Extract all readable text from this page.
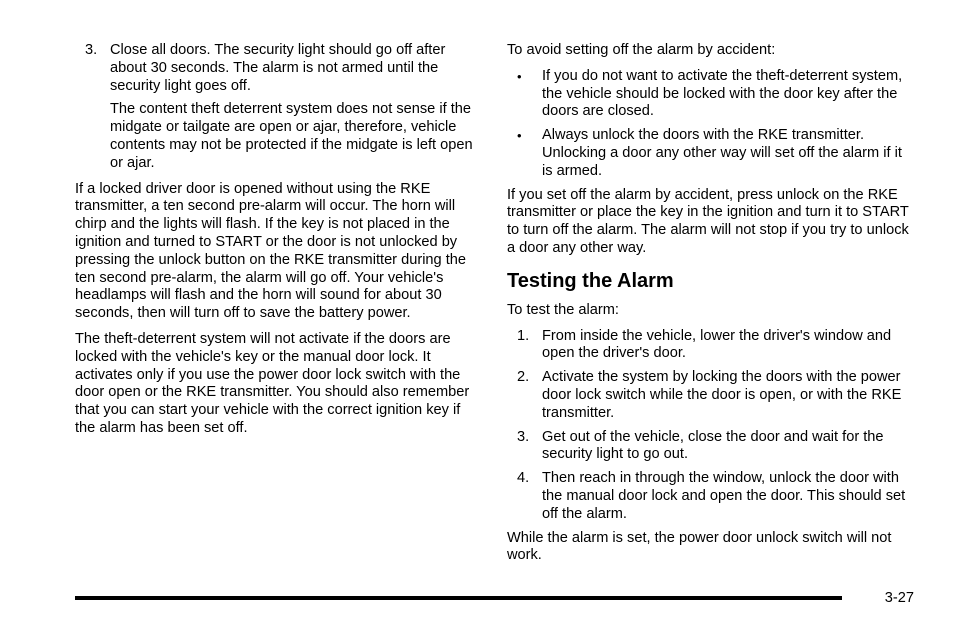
3. Close all doors. The security light should go off after about 30 seconds. The alarm is not armed until the security light goes off.

The content theft deterrent system does not sense if the midgate or tailgate are open or ajar, therefore, vehicle contents may not be protected if the midgate is left open or ajar.

If a locked driver door is opened without using the RKE transmitter, a ten second pre-alarm will occur. The horn will chirp and the lights will flash. If the key is not placed in the ignition and turned to START or the door is not unlocked by pressing the unlock button on the RKE transmitter during the ten second pre-alarm, the alarm will go off. Your vehicle's headlamps will flash and the horn will sound for about 30 seconds, then will turn off to save the battery power.

The theft-deterrent system will not activate if the doors are locked with the vehicle's key or the manual door lock. It activates only if you use the power door lock switch with the door open or the RKE transmitter. You should also remember that you can start your vehicle with the correct ignition key if the alarm has been set off.

To avoid setting off the alarm by accident:

•	If you do not want to activate the theft-deterrent system, the vehicle should be locked with the door key after the doors are closed.
•	Always unlock the doors with the RKE transmitter. Unlocking a door any other way will set off the alarm if it is armed.

If you set off the alarm by accident, press unlock on the RKE transmitter or place the key in the ignition and turn it to START to turn off the alarm. The alarm will not stop if you try to unlock a door any other way.

Testing the Alarm

To test the alarm:

1. From inside the vehicle, lower the driver's window and open the driver's door.
2. Activate the system by locking the doors with the power door lock switch while the door is open, or with the RKE transmitter.
3. Get out of the vehicle, close the door and wait for the security light to go out.
4. Then reach in through the window, unlock the door with the manual door lock and open the door. This should set off the alarm.

While the alarm is set, the power door unlock switch will not work.

3-27
